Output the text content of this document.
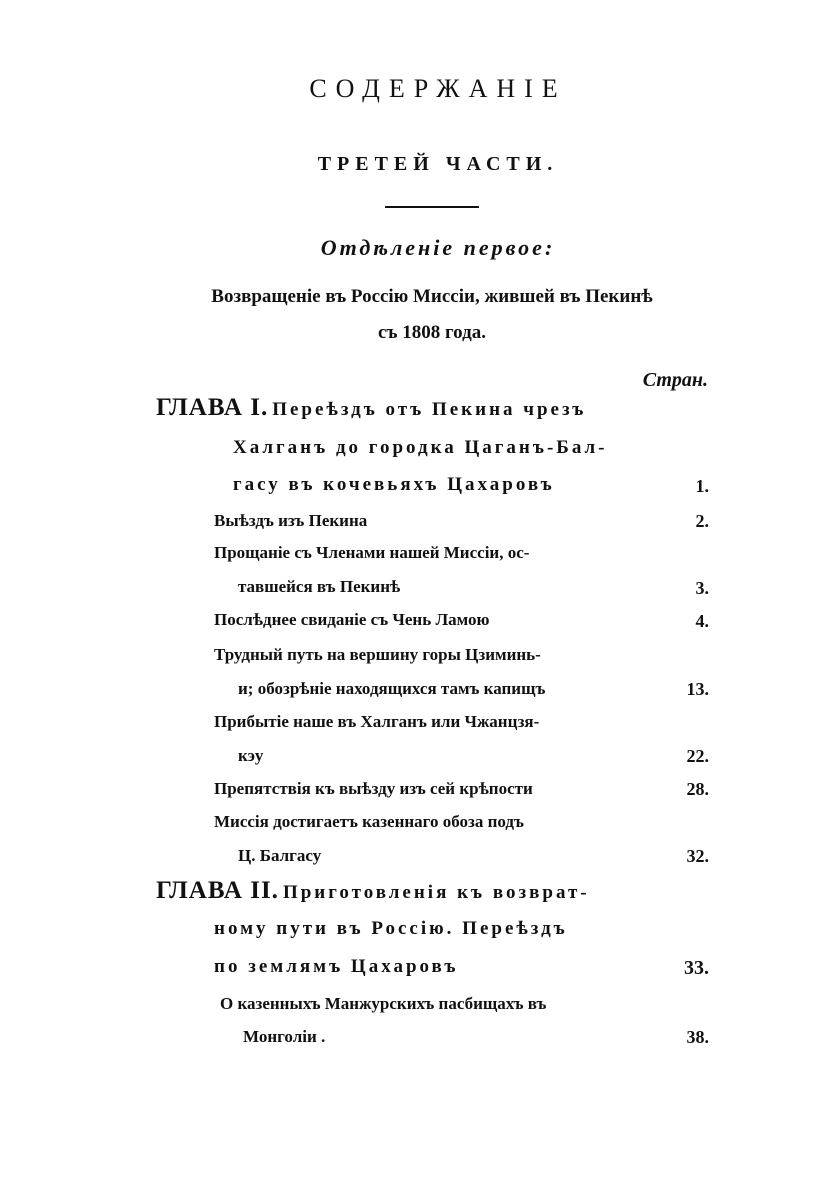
СОДЕРЖАНІЕ
ТРЕТЕЙ ЧАСТИ.
Отдѣленіе первое:
Возвращеніе въ Россію Миссіи, жившей въ Пекинѣ
съ 1808 года.
Стран.
ГЛАВА I. Переѣздъ отъ Пекина чрезъ
Халганъ до городка Цаганъ-Бал-
гасу въ кочевьяхъ Цахаровъ	1.
Выѣздъ изъ Пекина	2.
Прощаніе съ Членами нашей Миссіи, ос-
тавшейся въ Пекинѣ	3.
Послѣднее свиданіе съ Чень Ламою	4.
Трудный путь на вершину горы Цзиминь-
и; обозрѣніе находящихся тамъ капищъ	13.
Прибытіе наше въ Халганъ или Чжанцзя-
кэу	22.
Препятствія къ выѣзду изъ сей крѣпости	28.
Миссія достигаетъ казеннаго обоза подъ
Ц. Балгасу	32.
ГЛАВА II. Приготовленія къ возврат-
ному пути въ Россію. Переѣздъ
по землямъ Цахаровъ	33.
О казенныхъ Манжурскихъ пасбищахъ въ
Монголіи .	38.
